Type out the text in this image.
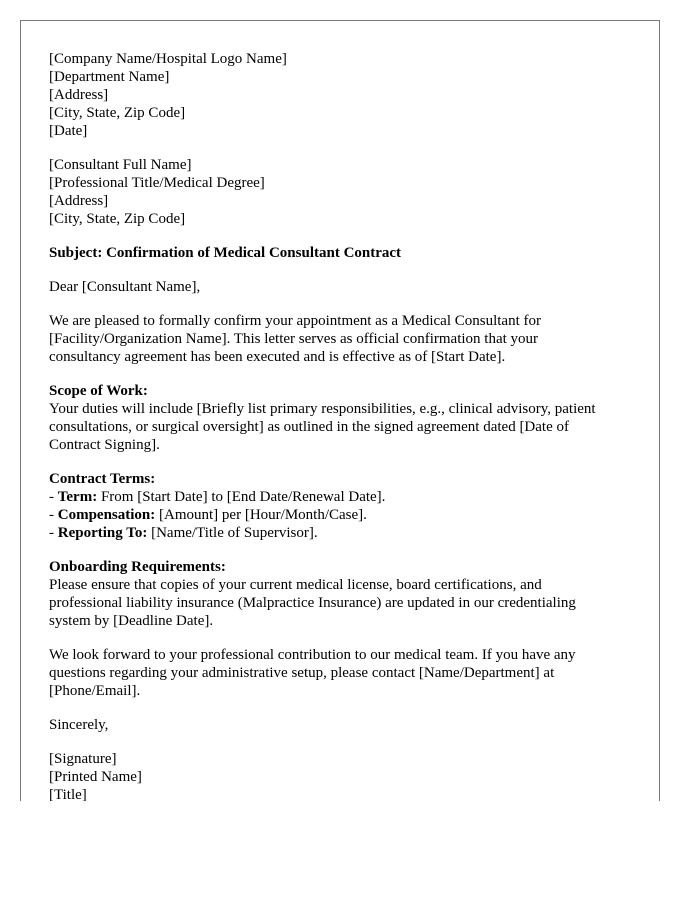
[Company Name/Hospital Logo Name]
[Department Name]
[Address]
[City, State, Zip Code]
[Date]
[Consultant Full Name]
[Professional Title/Medical Degree]
[Address]
[City, State, Zip Code]
Subject: Confirmation of Medical Consultant Contract
Dear [Consultant Name],
We are pleased to formally confirm your appointment as a Medical Consultant for
[Facility/Organization Name]. This letter serves as official confirmation that your
consultancy agreement has been executed and is effective as of [Start Date].
Scope of Work:
Your duties will include [Briefly list primary responsibilities, e.g., clinical advisory, patient
consultations, or surgical oversight] as outlined in the signed agreement dated [Date of
Contract Signing].
Contract Terms:
- Term: From [Start Date] to [End Date/Renewal Date].
- Compensation: [Amount] per [Hour/Month/Case].
- Reporting To: [Name/Title of Supervisor].
Onboarding Requirements:
Please ensure that copies of your current medical license, board certifications, and
professional liability insurance (Malpractice Insurance) are updated in our credentialing
system by [Deadline Date].
We look forward to your professional contribution to our medical team. If you have any
questions regarding your administrative setup, please contact [Name/Department] at
[Phone/Email].
Sincerely,
[Signature]
[Printed Name]
[Title]
